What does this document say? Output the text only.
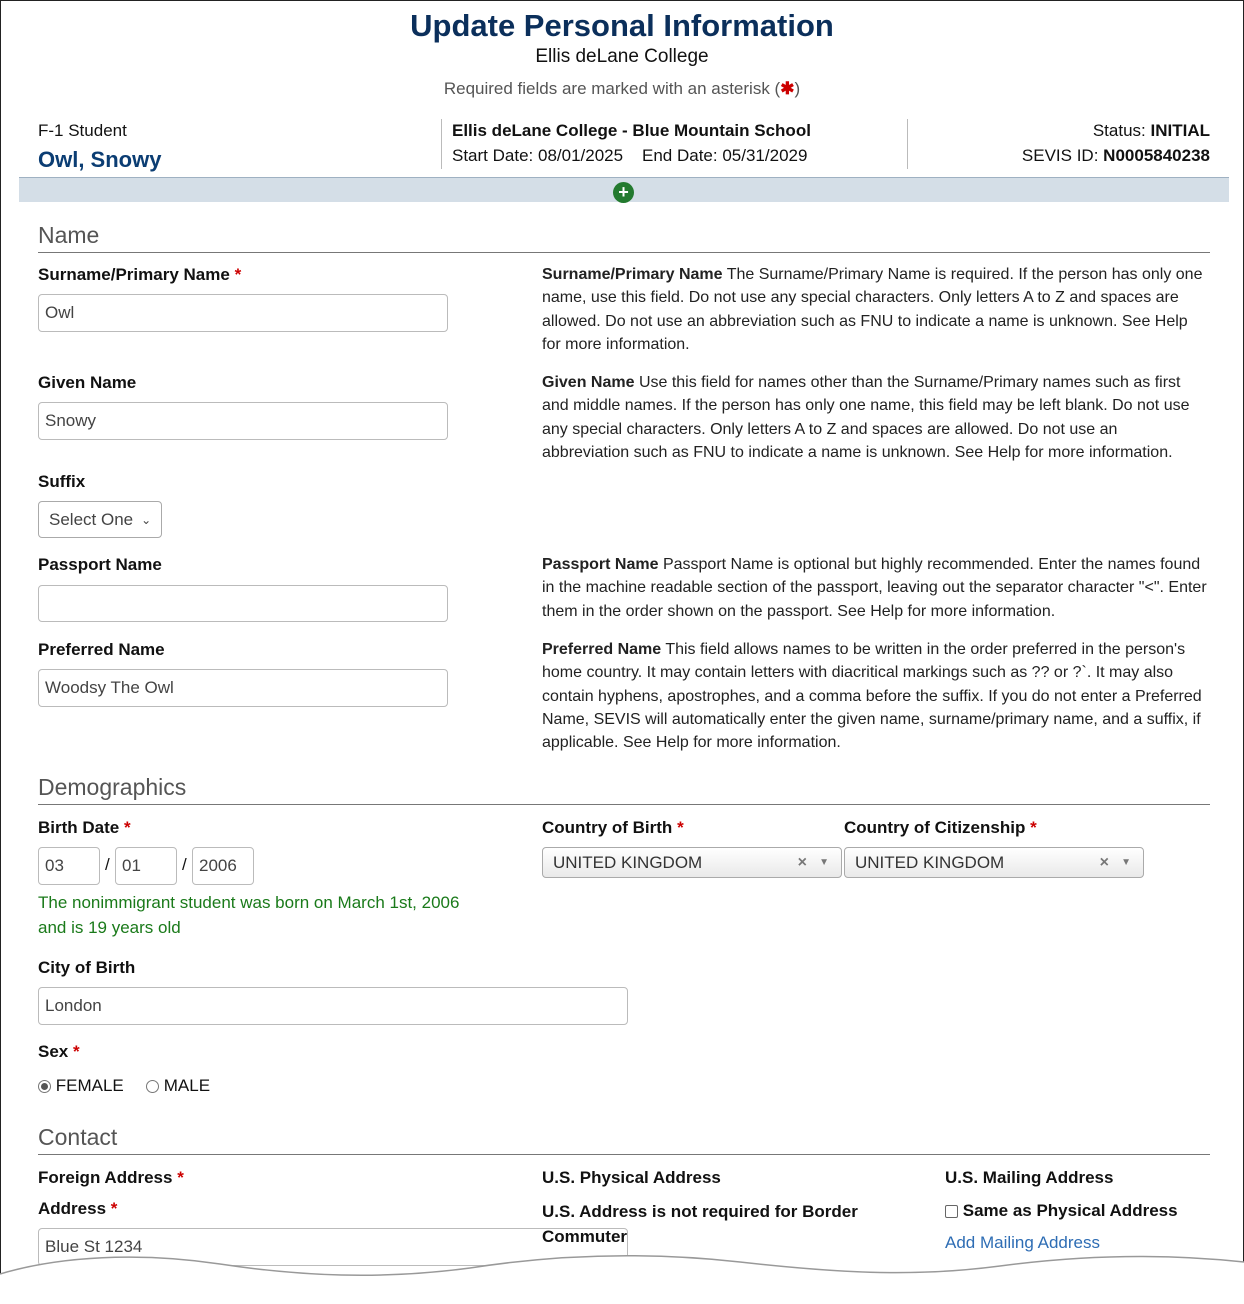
Update Personal Information
Ellis deLane College
Required fields are marked with an asterisk (✱)
F-1 Student
Owl, Snowy
Ellis deLane College - Blue Mountain School
Start Date: 08/01/2025 End Date: 05/31/2029
Status: INITIAL
SEVIS ID: N0005840238
+
Name
Surname/Primary Name *
Owl
Surname/Primary Name The Surname/Primary Name is required. If the person has only one name, use this field. Do not use any special characters. Only letters A to Z and spaces are allowed. Do not use an abbreviation such as FNU to indicate a name is unknown. See Help for more information.
Given Name
Snowy
Given Name Use this field for names other than the Surname/Primary names such as first and middle names. If the person has only one name, this field may be left blank. Do not use any special characters. Only letters A to Z and spaces are allowed. Do not use an abbreviation such as FNU to indicate a name is unknown. See Help for more information.
Suffix
Select One ⌄
Passport Name	Passport Name Passport Name is optional but highly recommended. Enter the names found in the machine readable section of the passport, leaving out the separator character "<". Enter them in the order shown on the passport. See Help for more information.
Preferred Name
Woodsy The Owl
Preferred Name This field allows names to be written in the order preferred in the person's home country. It may contain letters with diacritical markings such as ?? or ?`. It may also contain hyphens, apostrophes, and a comma before the suffix. If you do not enter a Preferred Name, SEVIS will automatically enter the given name, surname/primary name, and a suffix, if applicable. See Help for more information.
Demographics
Birth Date *
03	/ 01	/ 2006
The nonimmigrant student was born on March 1st, 2006
and is 19 years old
Country of Birth *
UNITED KINGDOM	× ▼
Country of Citizenship *
UNITED KINGDOM	× ▼
City of Birth
London
Sex *
FEMALE	MALE
Contact
Foreign Address *
Address *
Blue St 1234
U.S. Physical Address
U.S. Address is not required for Border
Commuter
U.S. Mailing Address
Same as Physical Address
Add Mailing Address
